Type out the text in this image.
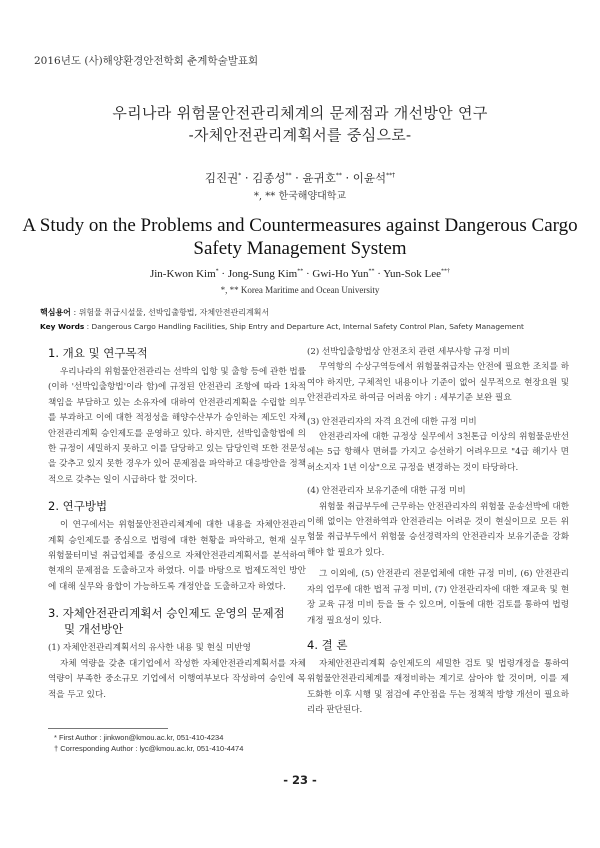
2016년도 (사)해양환경안전학회 춘계학술발표회
우리나라 위험물안전관리체계의 문제점과 개선방안 연구
-자체안전관리계획서를 중심으로-
김진권* · 김종성** · 윤귀호** · 이윤석**†
*, ** 한국해양대학교
A Study on the Problems and Countermeasures against Dangerous Cargo
Safety Management System
Jin-Kwon Kim* · Jong-Sung Kim** · Gwi-Ho Yun** · Yun-Sok Lee**†
*, ** Korea Maritime and Ocean University
핵심용어 : 위험물 취급시설물, 선박입출항법, 자체안전관리계획서
Key Words : Dangerous Cargo Handling Facilities, Ship Entry and Departure Act, Internal Safety Control Plan, Safety Management
1. 개요 및 연구목적

우리나라의 위험물안전관리는 선박의 입항 및 출항 등에 관한 법률(이하 '선박입출항법'이라 함)에 규정된 안전관리 조항에 따라 1차적 책임을 부담하고 있는 소유자에 대하여 안전관리계획을 수립할 의무를 부과하고 이에 대한 적정성을 해양수산부가 승인하는 제도인 자체안전관리계획 승인제도를 운영하고 있다. 하지만, 선박입출항법에 의한 규정이 세밀하지 못하고 이를 담당하고 있는 담당인력 또한 전문성을 갖추고 있지 못한 경우가 있어 문제점을 파악하고 대응방안을 정책적으로 갖추는 일이 시급하다 할 것이다.

2. 연구방법

이 연구에서는 위험물안전관리체계에 대한 내용을 자체안전관리계획 승인제도를 중심으로 법령에 대한 현황을 파악하고, 현재 실무 위험물터미널 취급업체를 중심으로 자체안전관리계획서를 분석하여 현재의 문제점을 도출하고자 하였다. 이를 바탕으로 법제도적인 방안에 대해 실무와 융합이 가능하도록 개정안을 도출하고자 하였다.

3. 자체안전관리계획서 승인제도 운영의 문제점
및 개선방안

(1) 자체안전관리계획서의 유사한 내용 및 현실 미반영

자체 역량을 갖춘 대기업에서 작성한 자체안전관리계획서를 자체 역량이 부족한 중소규모 기업에서 이행여부보다 작성하여 승인에 목적을 두고 있다.

(2) 선박입출항법상 안전조치 관련 세부사항 규정 미비

무역항의 수상구역등에서 위험물취급자는 안전에 필요한 조치를 하여야 하지만, 구체적인 내용이나 기준이 없어 실무적으로 현장요원 및 안전관리자로 하여금 어려움 야기 : 세부기준 보완 필요

(3) 안전관리자의 자격 요건에 대한 규정 미비

안전관리자에 대한 규정상 실무에서 3천톤급 이상의 위험물운반선에는 5급 항해사 면허를 가지고 승선하기 어려우므로 "4급 해기사 면허소지자 1년 이상"으로 규정을 변경하는 것이 타당하다.

(4) 안전관리자 보유기준에 대한 규정 미비

위험물 취급부두에 근무하는 안전관리자의 위험물 운송선박에 대한 이해 없이는 안전하역과 안전관리는 어려운 것이 현실이므로 모든 위험물 취급부두에서 위험물 승선경력자의 안전관리자 보유기준을 강화해야 할 필요가 있다.

그 이외에, (5) 안전관리 전문업체에 대한 규정 미비, (6) 안전관리자의 업무에 대한 법적 규정 미비, (7) 안전관리자에 대한 재교육 및 현장 교육 규정 미비 등을 들 수 있으며, 이들에 대한 검토를 통하여 법령 개정 필요성이 있다.

4. 결 론

자체안전관리계획 승인제도의 세밀한 검토 및 법령개정을 통하여 위험물안전관리체계를 재정비하는 계기로 삼아야 할 것이며, 이를 제도화한 이후 시행 및 점검에 주안점을 두는 정책적 방향 개선이 필요하리라 판단된다.

* First Author : jinkwon@kmou.ac.kr, 051-410-4234
† Corresponding Author : lyc@kmou.ac.kr, 051-410-4474
- 23 -
